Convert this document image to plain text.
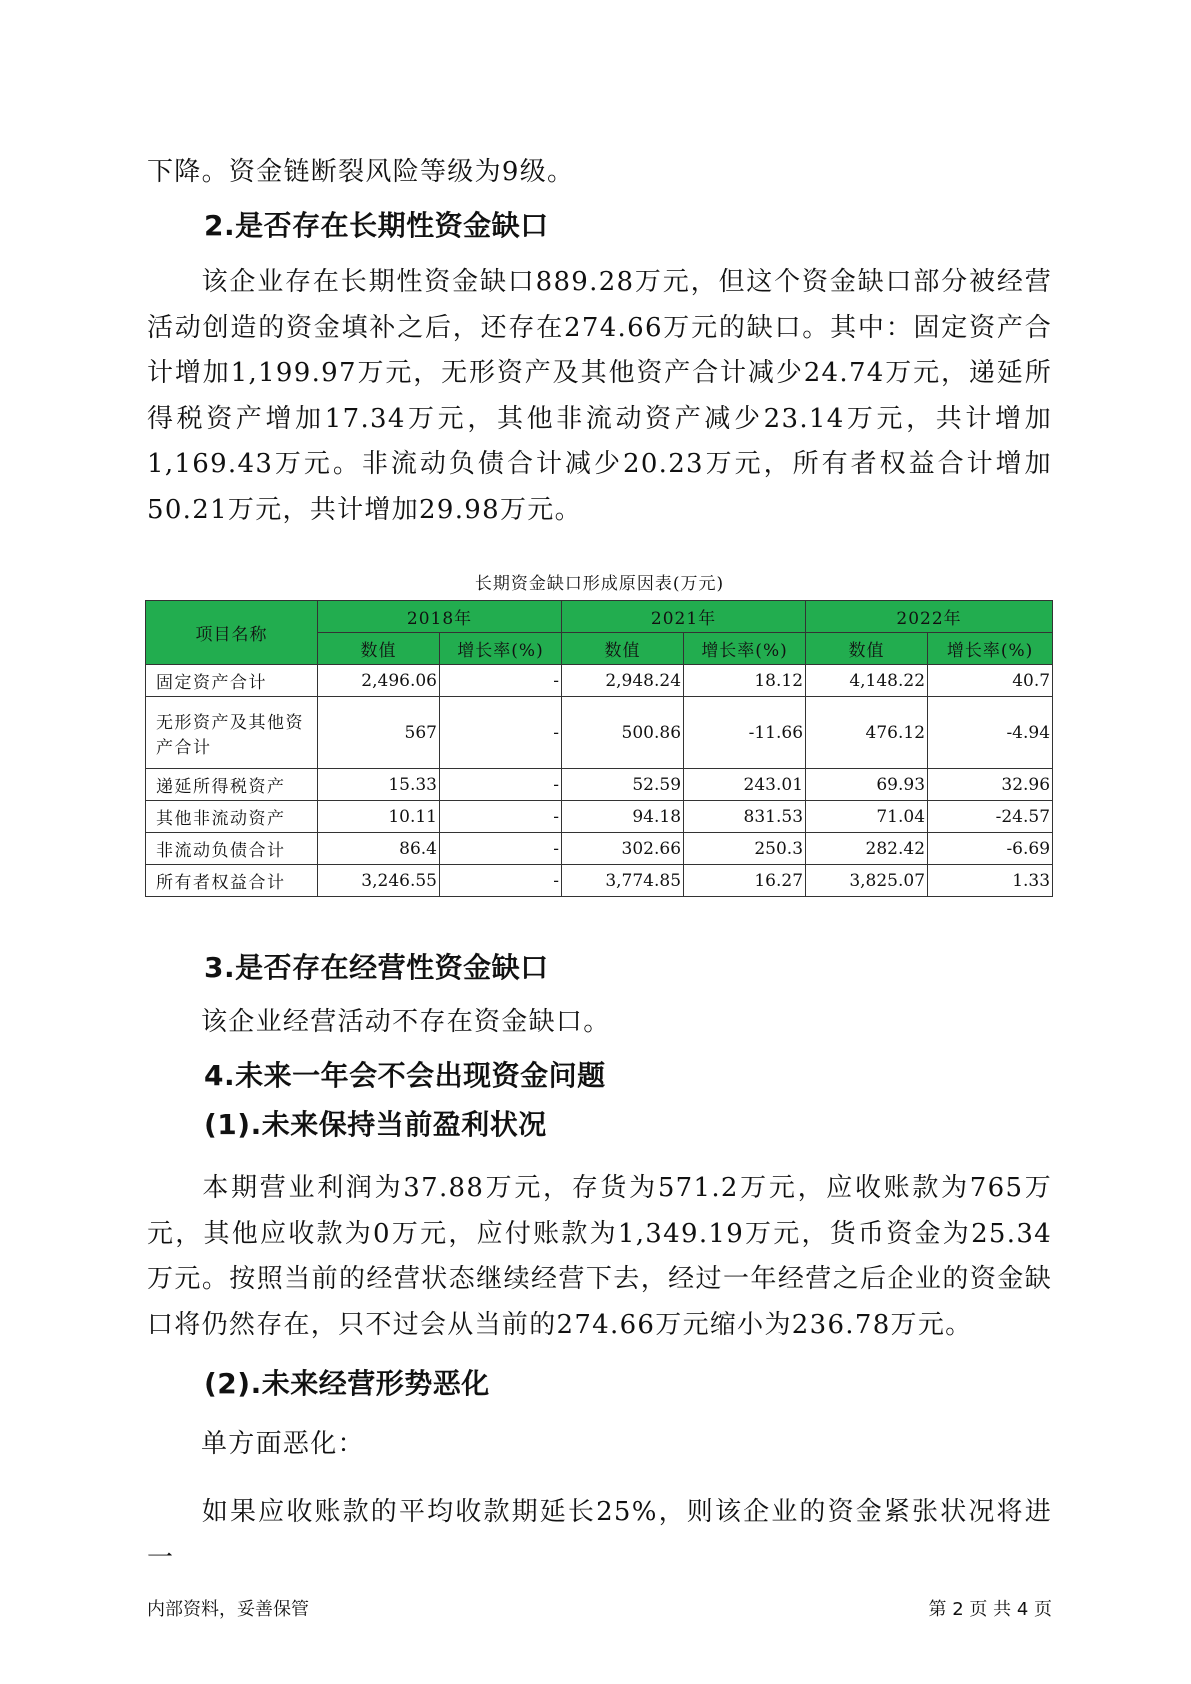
下降。资金链断裂风险等级为9级。

2.是否存在长期性资金缺口

该企业存在长期性资金缺口889.28万元，但这个资金缺口部分被经营活动创造的资金填补之后，还存在274.66万元的缺口。其中：固定资产合计增加1,199.97万元，无形资产及其他资产合计减少24.74万元，递延所得税资产增加17.34万元，其他非流动资产减少23.14万元，共计增加1,169.43万元。非流动负债合计减少20.23万元，所有者权益合计增加50.21万元，共计增加29.98万元。

长期资金缺口形成原因表(万元)
项目名称	2018年		2021年		2022年	
	数值	增长率(%)	数值	增长率(%)	数值	增长率(%)
固定资产合计	2,496.06	-	2,948.24	18.12	4,148.22	40.7
无形资产及其他资产合计	567	-	500.86	-11.66	476.12	-4.94
递延所得税资产	15.33	-	52.59	243.01	69.93	32.96
其他非流动资产	10.11	-	94.18	831.53	71.04	-24.57
非流动负债合计	86.4	-	302.66	250.3	282.42	-6.69
所有者权益合计	3,246.55	-	3,774.85	16.27	3,825.07	1.33
3.是否存在经营性资金缺口

该企业经营活动不存在资金缺口。

4.未来一年会不会出现资金问题
(1).未来保持当前盈利状况

本期营业利润为37.88万元，存货为571.2万元，应收账款为765万元，其他应收款为0万元，应付账款为1,349.19万元，货币资金为25.34万元。按照当前的经营状态继续经营下去，经过一年经营之后企业的资金缺口将仍然存在，只不过会从当前的274.66万元缩小为236.78万元。

(2).未来经营形势恶化

单方面恶化：

如果应收账款的平均收款期延长25%，则该企业的资金紧张状况将进一

内部资料，妥善保管	第 2 页 共 4 页
